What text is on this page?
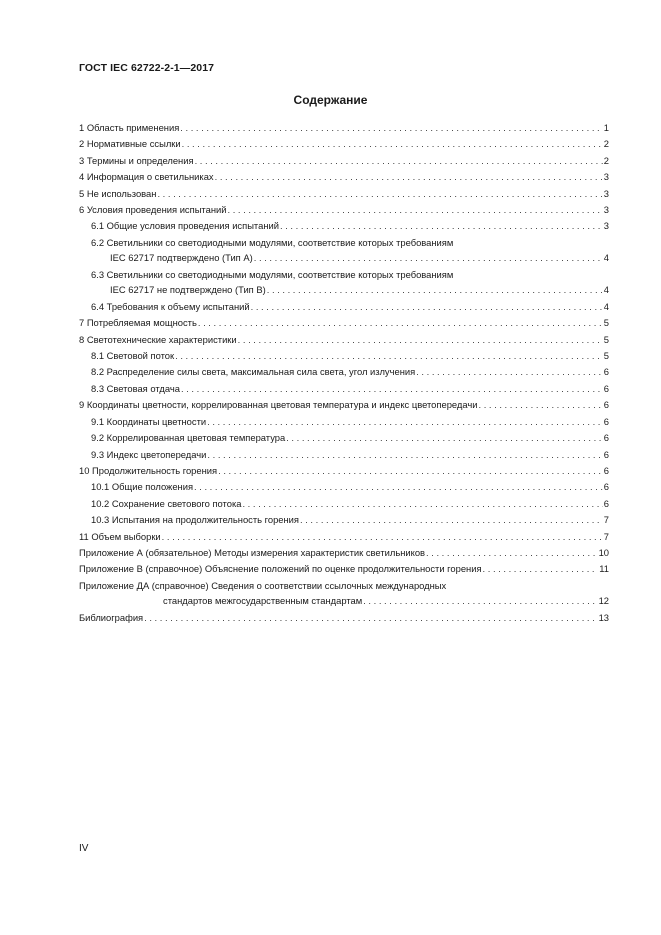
ГОСТ IEC 62722-2-1—2017
Содержание
1 Область применения . . .	1
2 Нормативные ссылки . . .	2
3 Термины и определения . . .	2
4 Информация о светильниках . . .	3
5 Не использован . . .	3
6 Условия проведения испытаний . . .	3
6.1 Общие условия проведения испытаний . . .	3
6.2 Светильники со светодиодными модулями, соответствие которых требованиям
IEC 62717 подтверждено (Тип А) . . .	4
6.3 Светильники со светодиодными модулями, соответствие которых требованиям
IEC 62717 не подтверждено (Тип В) . . .	4
6.4 Требования к объему испытаний . . .	4
7 Потребляемая мощность . . .	5
8 Светотехнические характеристики . . .	5
8.1 Световой поток . . .	5
8.2 Распределение силы света, максимальная сила света, угол излучения . . .	6
8.3 Световая отдача . . .	6
9 Координаты цветности, коррелированная цветовая температура и индекс цветопередачи . . .	6
9.1 Координаты цветности . . .	6
9.2 Коррелированная цветовая температура . . .	6
9.3 Индекс цветопередачи . . .	6
10 Продолжительность горения . . .	6
10.1 Общие положения . . .	6
10.2 Сохранение светового потока . . .	6
10.3 Испытания на продолжительность горения . . .	7
11 Объем выборки . . .	7
Приложение А (обязательное) Методы измерения характеристик светильников . . .	10
Приложение В (справочное) Объяснение положений по оценке продолжительности горения . . .	11
Приложение ДА (справочное) Сведения о соответствии ссылочных международных
стандартов межгосударственным стандартам . . .	12
Библиография . . .	13
IV
